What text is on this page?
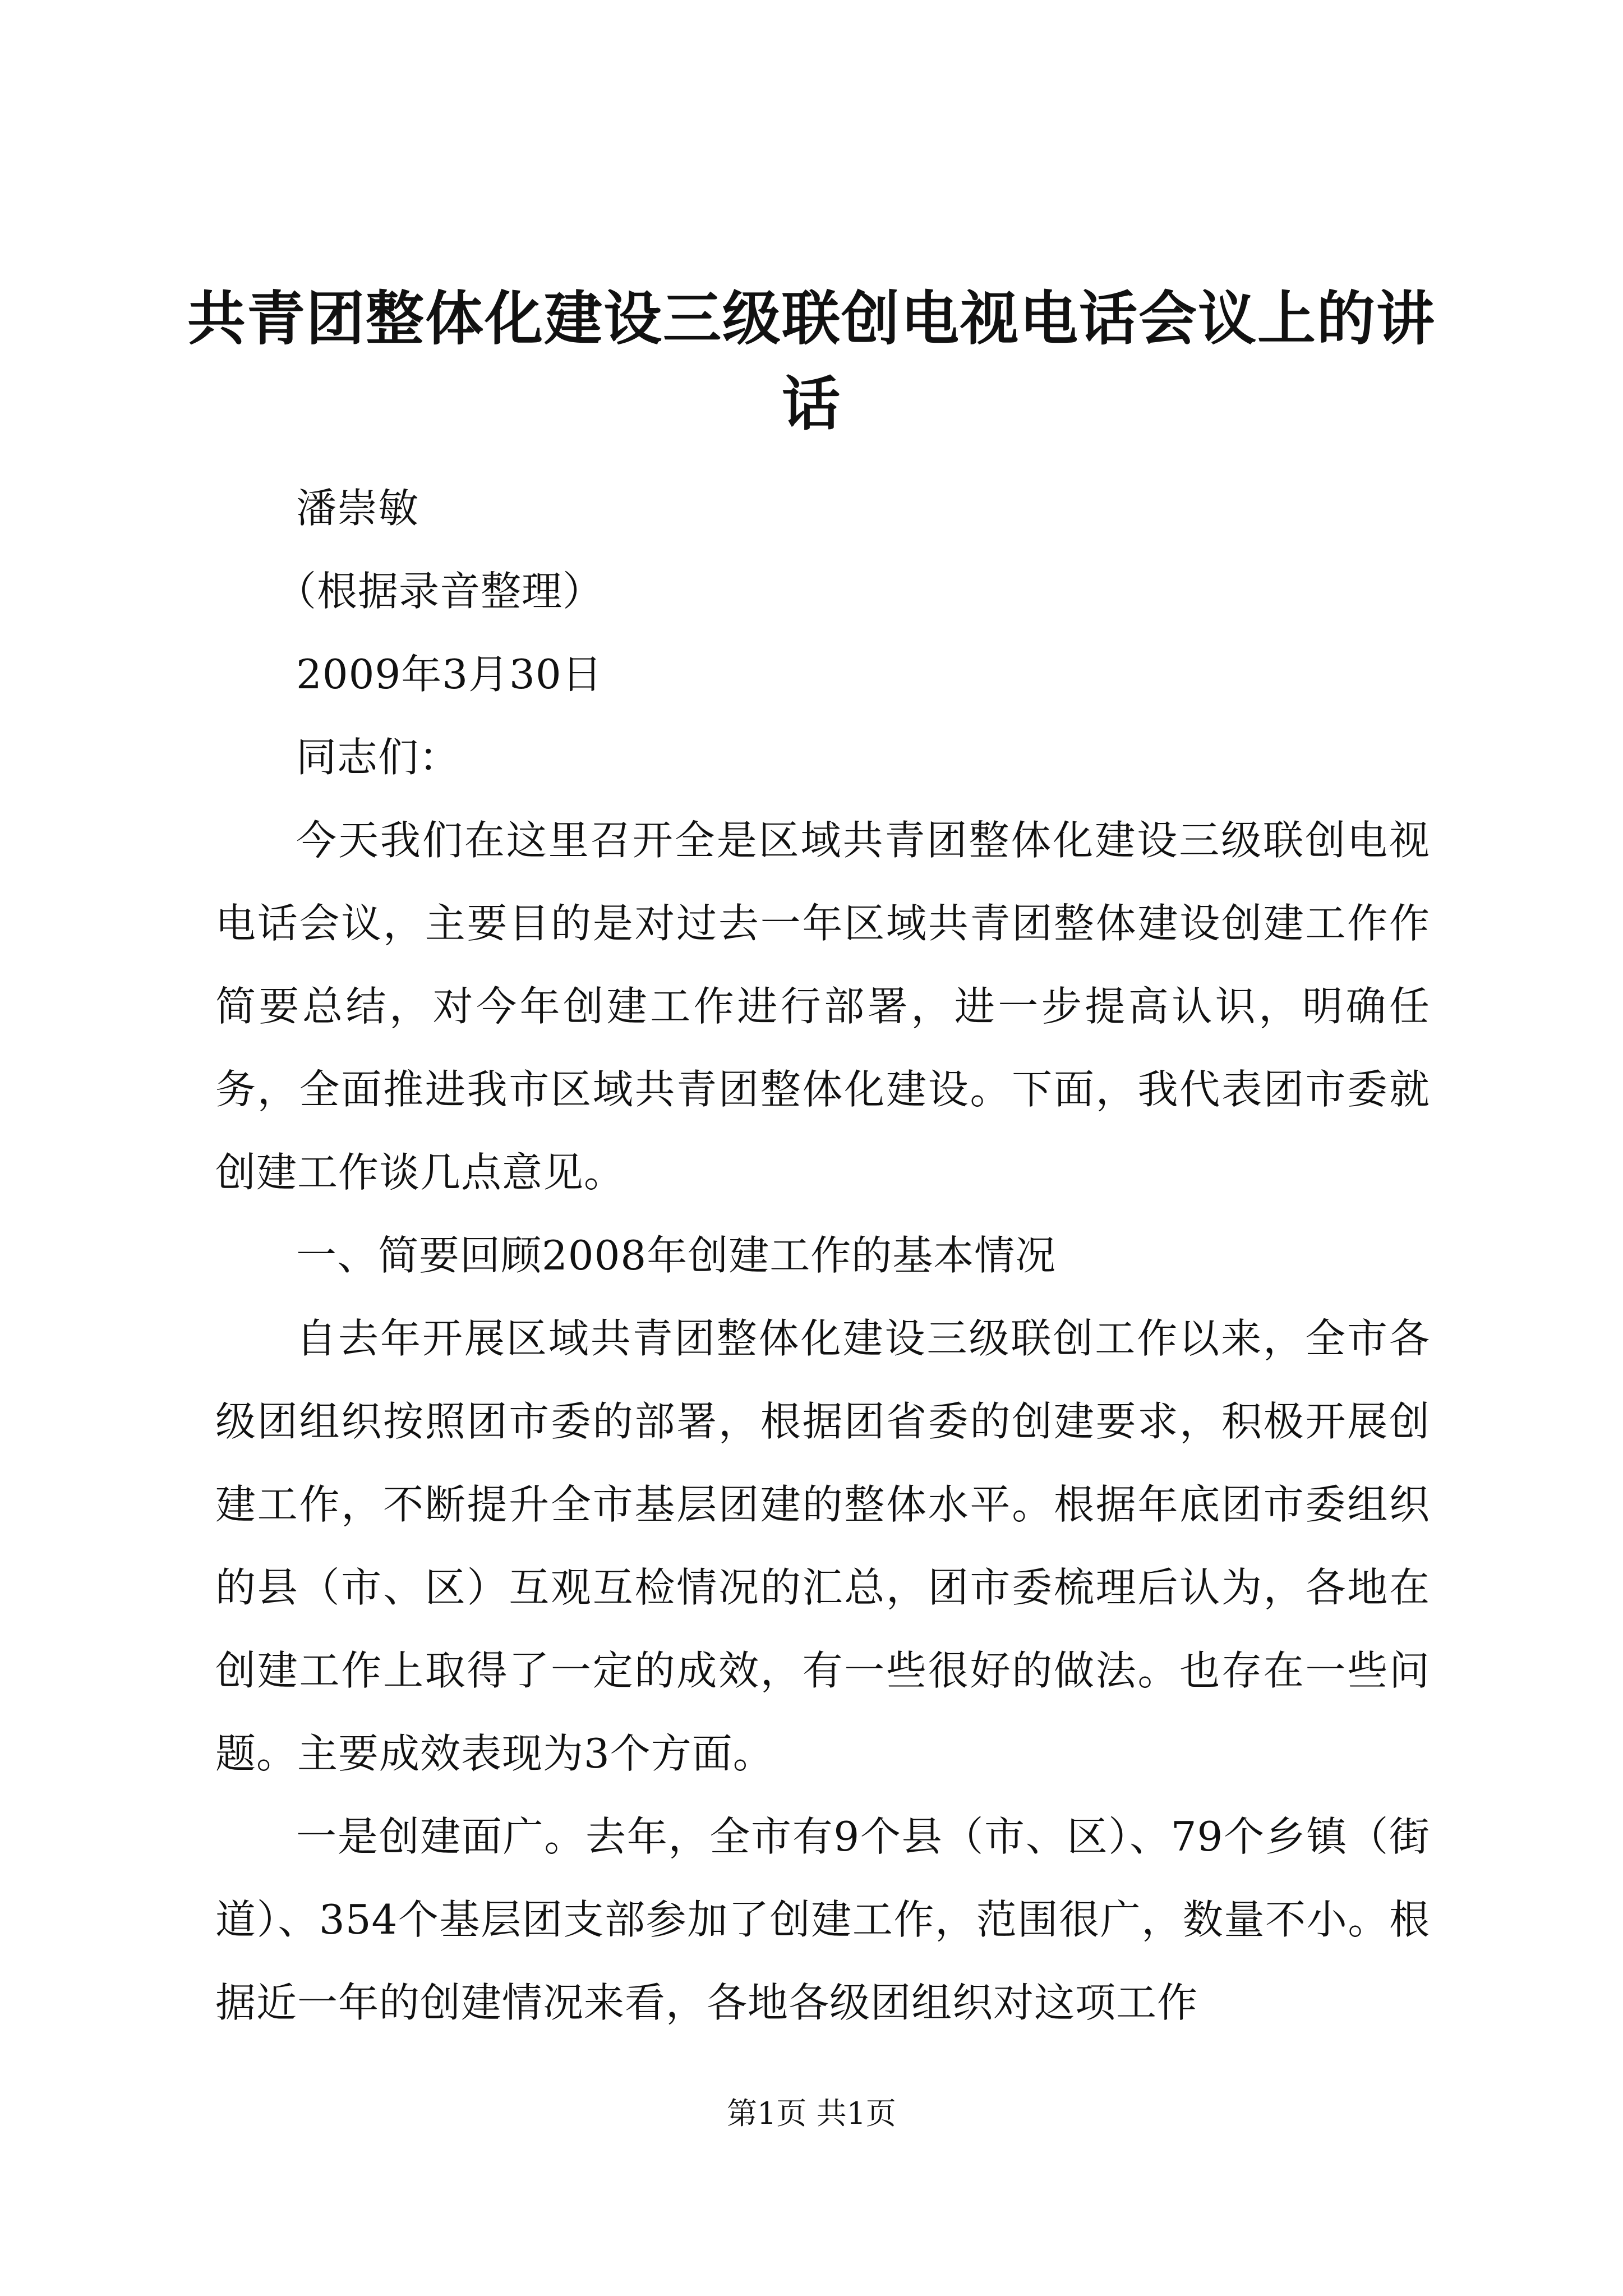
共青团整体化建设三级联创电视电话会议上的讲话

潘崇敏

（根据录音整理）

2009年3月30日

同志们：

今天我们在这里召开全是区域共青团整体化建设三级联创电视电话会议，主要目的是对过去一年区域共青团整体建设创建工作作简要总结，对今年创建工作进行部署，进一步提高认识，明确任务，全面推进我市区域共青团整体化建设。下面，我代表团市委就创建工作谈几点意见。

一、简要回顾2008年创建工作的基本情况

自去年开展区域共青团整体化建设三级联创工作以来，全市各级团组织按照团市委的部署，根据团省委的创建要求，积极开展创建工作，不断提升全市基层团建的整体水平。根据年底团市委组织的县（市、区）互观互检情况的汇总，团市委梳理后认为，各地在创建工作上取得了一定的成效，有一些很好的做法。也存在一些问题。主要成效表现为3个方面。

一是创建面广。去年，全市有9个县（市、区）、79个乡镇（街道）、354个基层团支部参加了创建工作，范围很广，数量不小。根据近一年的创建情况来看，各地各级团组织对这项工作

第1页 共1页
